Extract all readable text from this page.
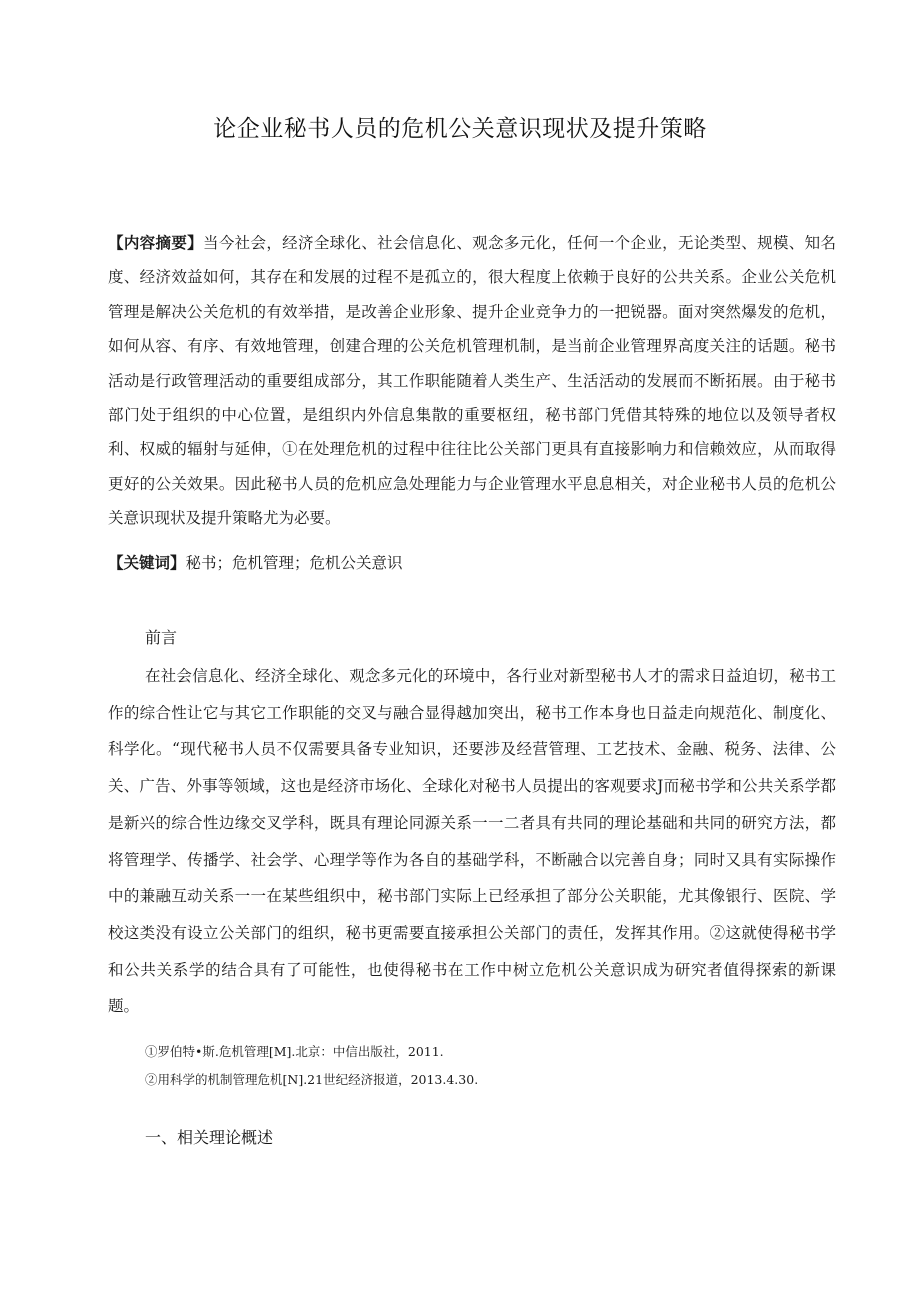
论企业秘书人员的危机公关意识现状及提升策略
【内容摘要】当今社会，经济全球化、社会信息化、观念多元化，任何一个企业，无论类型、规模、知名度、经济效益如何，其存在和发展的过程不是孤立的，很大程度上依赖于良好的公共关系。企业公关危机管理是解决公关危机的有效举措，是改善企业形象、提升企业竞争力的一把锐器。面对突然爆发的危机，如何从容、有序、有效地管理，创建合理的公关危机管理机制，是当前企业管理界高度关注的话题。秘书活动是行政管理活动的重要组成部分，其工作职能随着人类生产、生活活动的发展而不断拓展。由于秘书部门处于组织的中心位置，是组织内外信息集散的重要枢纽，秘书部门凭借其特殊的地位以及领导者权利、权威的辐射与延伸，①在处理危机的过程中往往比公关部门更具有直接影响力和信赖效应，从而取得更好的公关效果。因此秘书人员的危机应急处理能力与企业管理水平息息相关，对企业秘书人员的危机公关意识现状及提升策略尤为必要。
【关键词】秘书；危机管理；危机公关意识
前言
在社会信息化、经济全球化、观念多元化的环境中，各行业对新型秘书人才的需求日益迫切，秘书工作的综合性让它与其它工作职能的交叉与融合显得越加突出，秘书工作本身也日益走向规范化、制度化、科学化。“现代秘书人员不仅需要具备专业知识，还要涉及经营管理、工艺技术、金融、税务、法律、公关、广告、外事等领域，这也是经济市场化、全球化对秘书人员提出的客观要求J而秘书学和公共关系学都是新兴的综合性边缘交叉学科，既具有理论同源关系一一二者具有共同的理论基础和共同的研究方法，都将管理学、传播学、社会学、心理学等作为各自的基础学科，不断融合以完善自身；同时又具有实际操作中的兼融互动关系一一在某些组织中，秘书部门实际上已经承担了部分公关职能，尤其像银行、医院、学校这类没有设立公关部门的组织，秘书更需要直接承担公关部门的责任，发挥其作用。②这就使得秘书学和公共关系学的结合具有了可能性，也使得秘书在工作中树立危机公关意识成为研究者值得探索的新课题。
①罗伯特•斯.危机管理[M].北京：中信出版社，2011.
②用科学的机制管理危机[N].21世纪经济报道，2013.4.30.
一、相关理论概述
